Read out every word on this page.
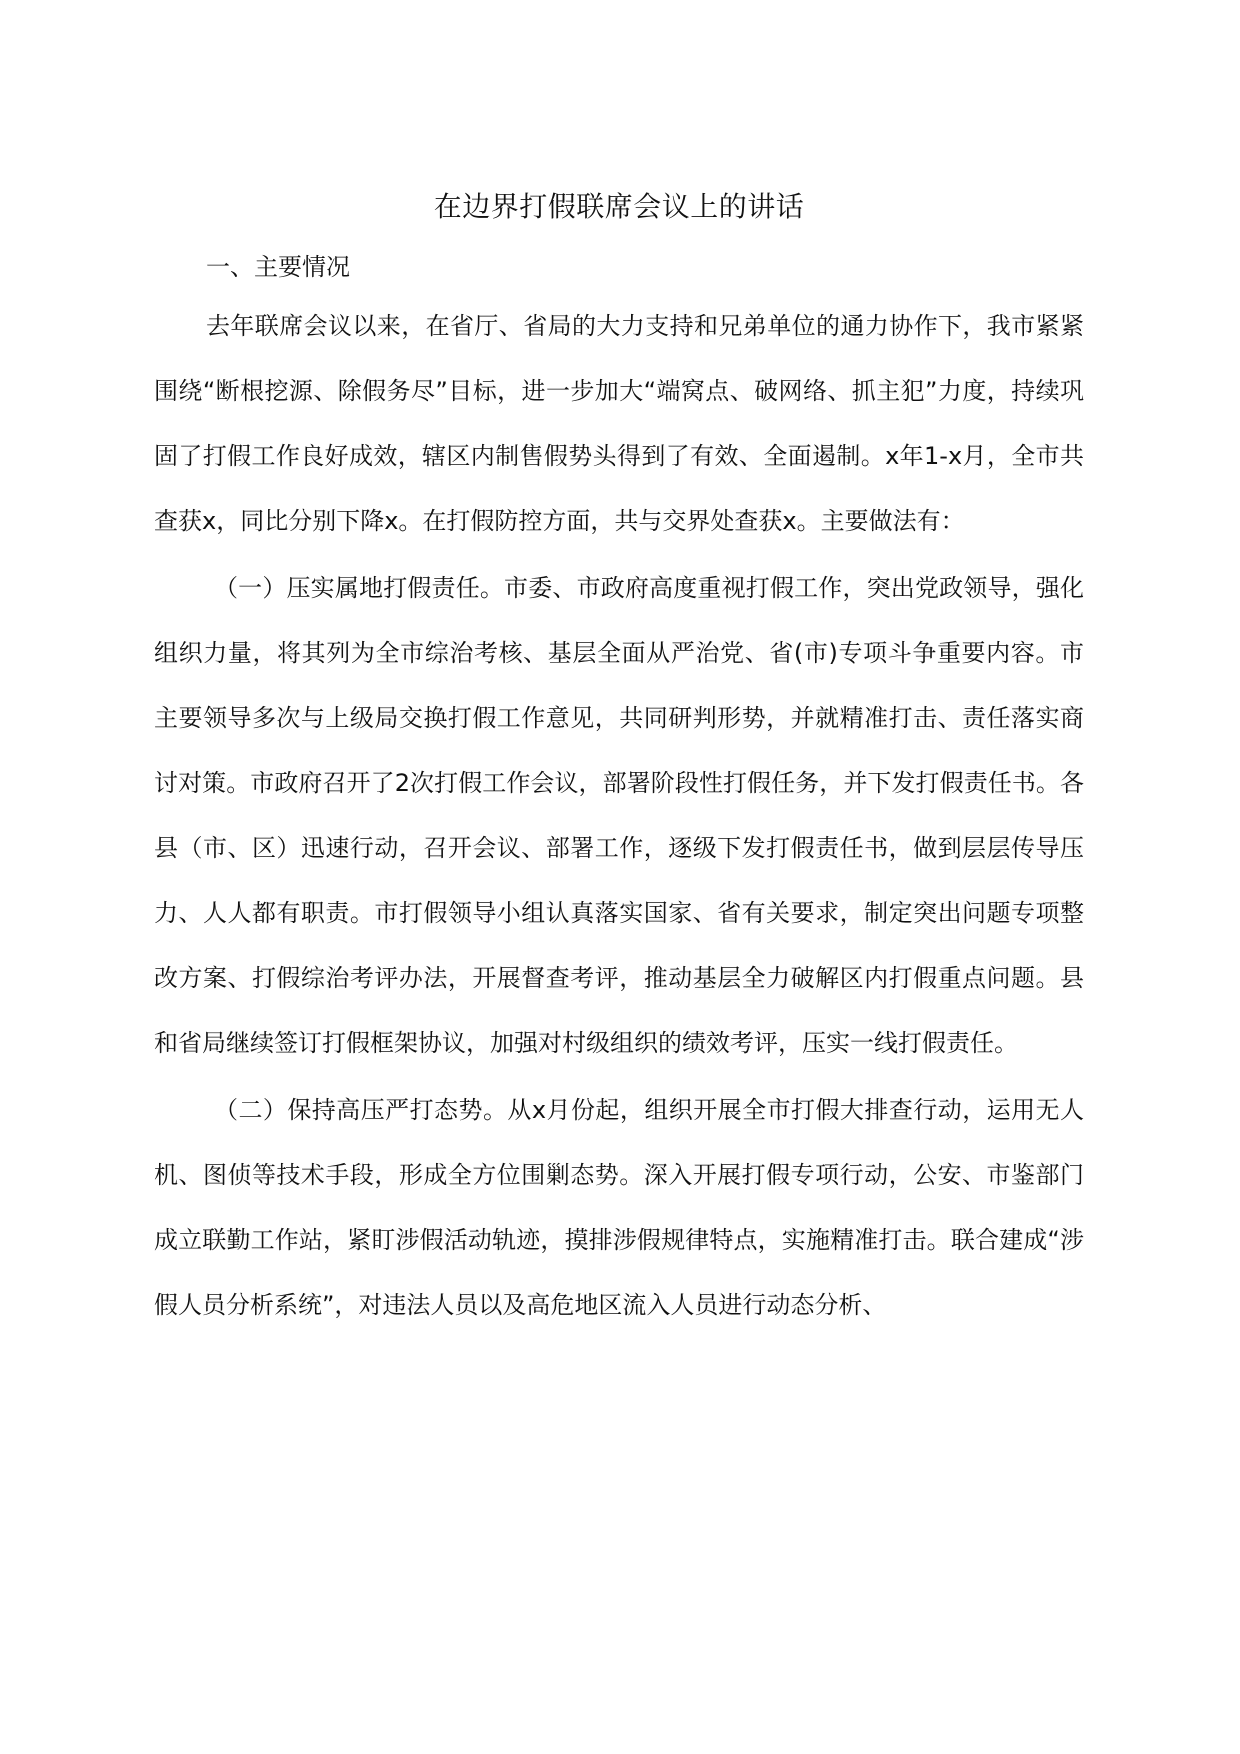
在边界打假联席会议上的讲话
一、主要情况

去年联席会议以来，在省厅、省局的大力支持和兄弟单位的通力协作下，我市紧紧围绕“断根挖源、除假务尽”目标，进一步加大“端窝点、破网络、抓主犯”力度，持续巩固了打假工作良好成效，辖区内制售假势头得到了有效、全面遏制。x年1-x月，全市共查获x，同比分别下降x。在打假防控方面，共与交界处查获x。主要做法有：

（一）压实属地打假责任。市委、市政府高度重视打假工作，突出党政领导，强化组织力量，将其列为全市综治考核、基层全面从严治党、省(市)专项斗争重要内容。市主要领导多次与上级局交换打假工作意见，共同研判形势，并就精准打击、责任落实商讨对策。市政府召开了2次打假工作会议，部署阶段性打假任务，并下发打假责任书。各县（市、区）迅速行动，召开会议、部署工作，逐级下发打假责任书，做到层层传导压力、人人都有职责。市打假领导小组认真落实国家、省有关要求，制定突出问题专项整改方案、打假综治考评办法，开展督查考评，推动基层全力破解区内打假重点问题。县和省局继续签订打假框架协议，加强对村级组织的绩效考评，压实一线打假责任。

（二）保持高压严打态势。从x月份起，组织开展全市打假大排查行动，运用无人机、图侦等技术手段，形成全方位围剿态势。深入开展打假专项行动，公安、市鉴部门成立联勤工作站，紧盯涉假活动轨迹，摸排涉假规律特点，实施精准打击。联合建成“涉假人员分析系统”，对违法人员以及高危地区流入人员进行动态分析、
